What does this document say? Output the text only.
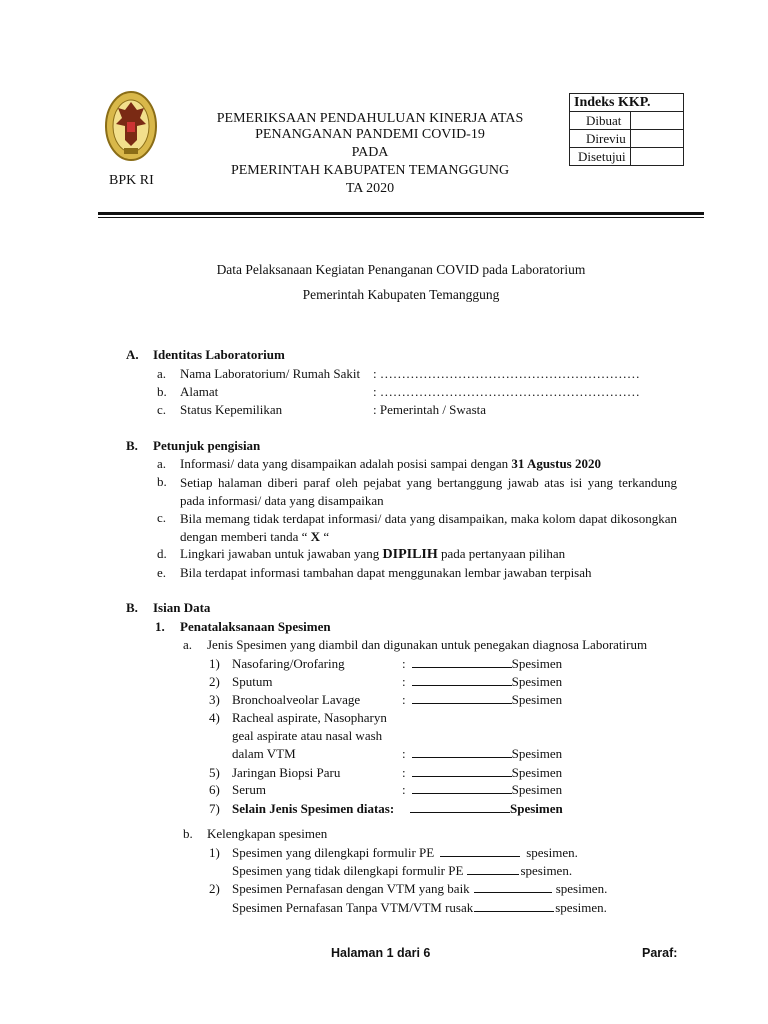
BPK RI
PEMERIKSAAN PENDAHULUAN KINERJA ATAS
PENANGANAN PANDEMI COVID-19
PADA
PEMERINTAH KABUPATEN TEMANGGUNG
TA 2020
Indeks KKP.	
Dibuat	
Direviu	
Disetujui	
Data Pelaksanaan Kegiatan Penanganan COVID pada Laboratorium
Pemerintah Kabupaten Temanggung
A. Identitas Laboratorium
a. Nama Laboratorium/ Rumah Sakit : ……………………………………………………
b. Alamat	: ……………………………………………………
c. Status Kepemilikan	: Pemerintah / Swasta
B. Petunjuk pengisian
a. Informasi/ data yang disampaikan adalah posisi sampai dengan 31 Agustus 2020
b. Setiap halaman diberi paraf oleh pejabat yang bertanggung jawab atas isi yang terkandung pada informasi/ data yang disampaikan
c. Bila memang tidak terdapat informasi/ data yang disampaikan, maka kolom dapat dikosongkan dengan memberi tanda “ X “
d. Lingkari jawaban untuk jawaban yang DIPILIH pada pertanyaan pilihan
e. Bila terdapat informasi tambahan dapat menggunakan lembar jawaban terpisah
B. Isian Data
1. Penatalaksanaan Spesimen
a. Jenis Spesimen yang diambil dan digunakan untuk penegakan diagnosa Laboratirum
1) Nasofaring/Orofaring	:	Spesimen
2) Sputum	:	Spesimen
3) Bronchoalveolar Lavage	:	Spesimen
4) Racheal aspirate, Nasopharyn
geal aspirate atau nasal wash
dalam VTM	:	Spesimen
5) Jaringan Biopsi Paru	:	Spesimen
6) Serum	:	Spesimen
7) Selain Jenis Spesimen diatas:	Spesimen
b. Kelengkapan spesimen
1) Spesimen yang dilengkapi formulir PE	spesimen.
Spesimen yang tidak dilengkapi formulir PE	spesimen.
2) Spesimen Pernafasan dengan VTM yang baik	spesimen.
Spesimen Pernafasan Tanpa VTM/VTM rusak	spesimen.
Halaman 1 dari 6	Paraf:
